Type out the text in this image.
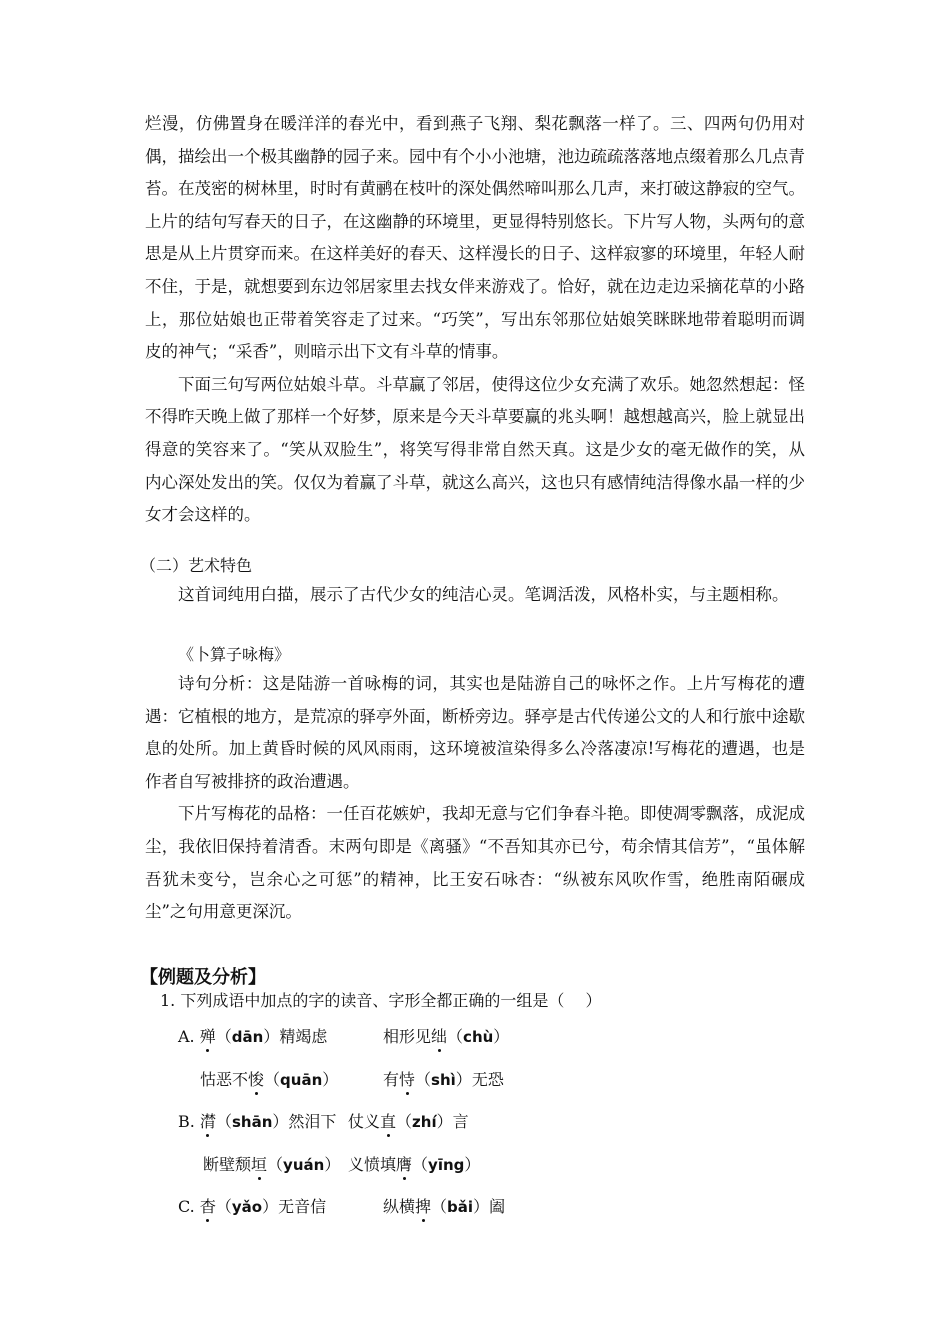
烂漫，仿佛置身在暖洋洋的春光中，看到燕子飞翔、梨花飘落一样了。三、四两句仍用对偶，描绘出一个极其幽静的园子来。园中有个小小池塘，池边疏疏落落地点缀着那么几点青苔。在茂密的树林里，时时有黄鹂在枝叶的深处偶然啼叫那么几声，来打破这静寂的空气。上片的结句写春天的日子，在这幽静的环境里，更显得特别悠长。下片写人物，头两句的意思是从上片贯穿而来。在这样美好的春天、这样漫长的日子、这样寂寥的环境里，年轻人耐不住，于是，就想要到东边邻居家里去找女伴来游戏了。恰好，就在边走边采摘花草的小路上，那位姑娘也正带着笑容走了过来。“巧笑”，写出东邻那位姑娘笑眯眯地带着聪明而调皮的神气；“采香”，则暗示出下文有斗草的情事。

下面三句写两位姑娘斗草。斗草赢了邻居，使得这位少女充满了欢乐。她忽然想起：怪不得昨天晚上做了那样一个好梦，原来是今天斗草要赢的兆头啊！越想越高兴，脸上就显出得意的笑容来了。“笑从双脸生”，将笑写得非常自然天真。这是少女的毫无做作的笑，从内心深处发出的笑。仅仅为着赢了斗草，就这么高兴，这也只有感情纯洁得像水晶一样的少女才会这样的。

（二）艺术特色

这首词纯用白描，展示了古代少女的纯洁心灵。笔调活泼，风格朴实，与主题相称。

《卜算子咏梅》

诗句分析：这是陆游一首咏梅的词，其实也是陆游自己的咏怀之作。上片写梅花的遭遇：它植根的地方，是荒凉的驿亭外面，断桥旁边。驿亭是古代传递公文的人和行旅中途歇息的处所。加上黄昏时候的风风雨雨，这环境被渲染得多么冷落凄凉!写梅花的遭遇，也是作者自写被排挤的政治遭遇。

下片写梅花的品格：一任百花嫉妒，我却无意与它们争春斗艳。即使凋零飘落，成泥成尘，我依旧保持着清香。末两句即是《离骚》“不吾知其亦已兮，苟余情其信芳”，“虽体解吾犹未变兮，岂余心之可惩”的精神，比王安石咏杏：“纵被东风吹作雪，绝胜南陌碾成尘”之句用意更深沉。

【例题及分析】
1. 下列成语中加点的字的读音、字形全都正确的一组是（　 ）
A. 殚（dān）精竭虑	相形见绌（chù）
怙恶不悛（quān）	有恃（shì）无恐
B. 潸（shān）然泪下 仗义直（zhí）言
断壁颓垣（yuán） 义愤填膺（yīng）
C. 杳（yǎo）无音信	纵横捭（bǎi）阖
